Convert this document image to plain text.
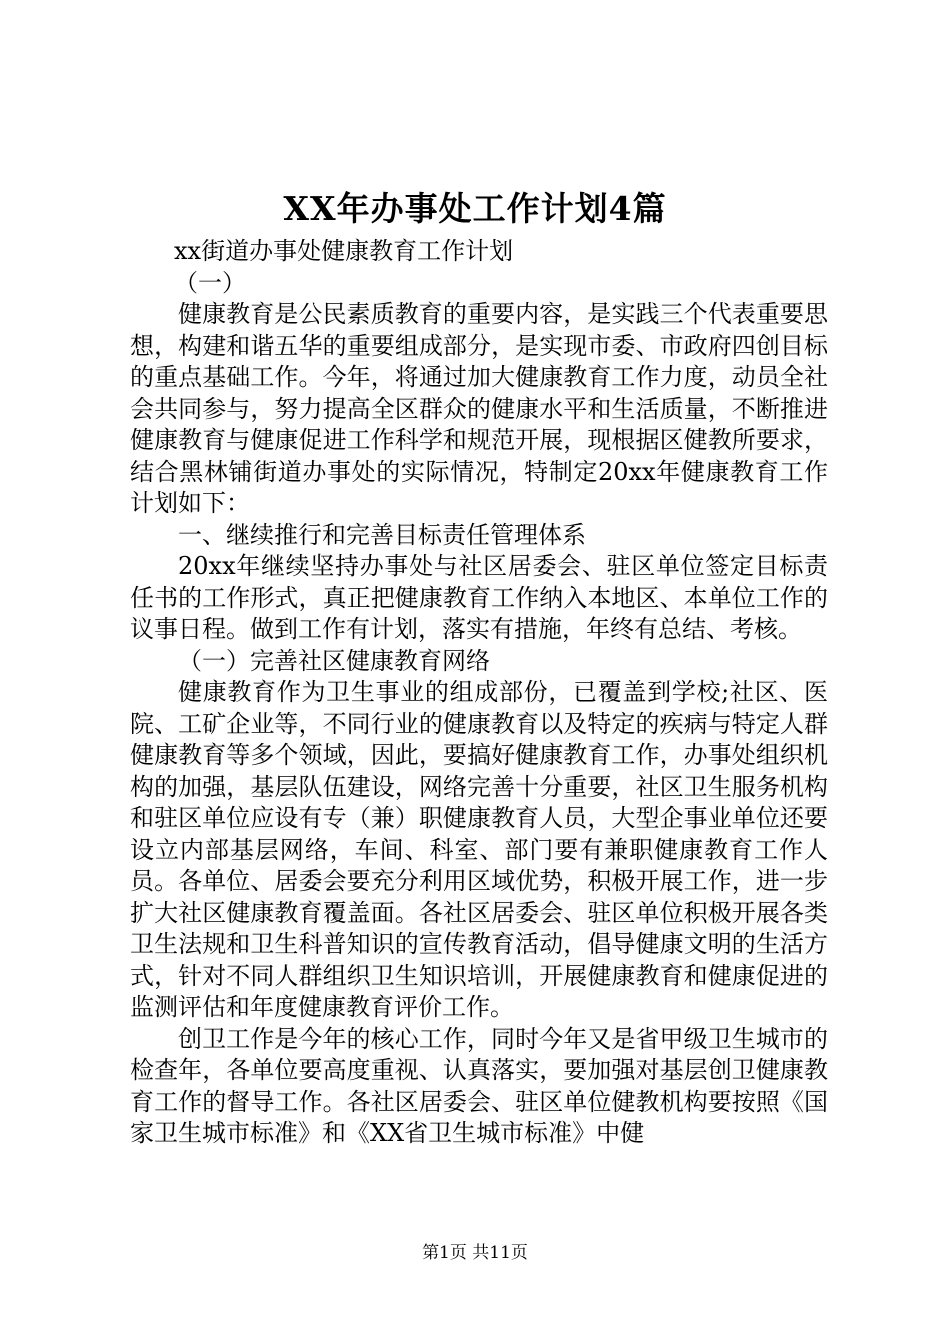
XX年办事处工作计划4篇

xx街道办事处健康教育工作计划

（一）

健康教育是公民素质教育的重要内容，是实践三个代表重要思想，构建和谐五华的重要组成部分，是实现市委、市政府四创目标的重点基础工作。今年，将通过加大健康教育工作力度，动员全社会共同参与，努力提高全区群众的健康水平和生活质量，不断推进健康教育与健康促进工作科学和规范开展，现根据区健教所要求，结合黑林铺街道办事处的实际情况，特制定20xx年健康教育工作计划如下：

一、继续推行和完善目标责任管理体系

20xx年继续坚持办事处与社区居委会、驻区单位签定目标责任书的工作形式，真正把健康教育工作纳入本地区、本单位工作的议事日程。做到工作有计划，落实有措施，年终有总结、考核。

（一）完善社区健康教育网络

健康教育作为卫生事业的组成部份，已覆盖到学校;社区、医院、工矿企业等，不同行业的健康教育以及特定的疾病与特定人群健康教育等多个领域，因此，要搞好健康教育工作，办事处组织机构的加强，基层队伍建设，网络完善十分重要，社区卫生服务机构和驻区单位应设有专（兼）职健康教育人员，大型企事业单位还要设立内部基层网络，车间、科室、部门要有兼职健康教育工作人员。各单位、居委会要充分利用区域优势，积极开展工作，进一步扩大社区健康教育覆盖面。各社区居委会、驻区单位积极开展各类卫生法规和卫生科普知识的宣传教育活动，倡导健康文明的生活方式，针对不同人群组织卫生知识培训，开展健康教育和健康促进的监测评估和年度健康教育评价工作。

创卫工作是今年的核心工作，同时今年又是省甲级卫生城市的检查年，各单位要高度重视、认真落实，要加强对基层创卫健康教育工作的督导工作。各社区居委会、驻区单位健教机构要按照《国家卫生城市标准》和《XX省卫生城市标准》中健

第1页 共11页
